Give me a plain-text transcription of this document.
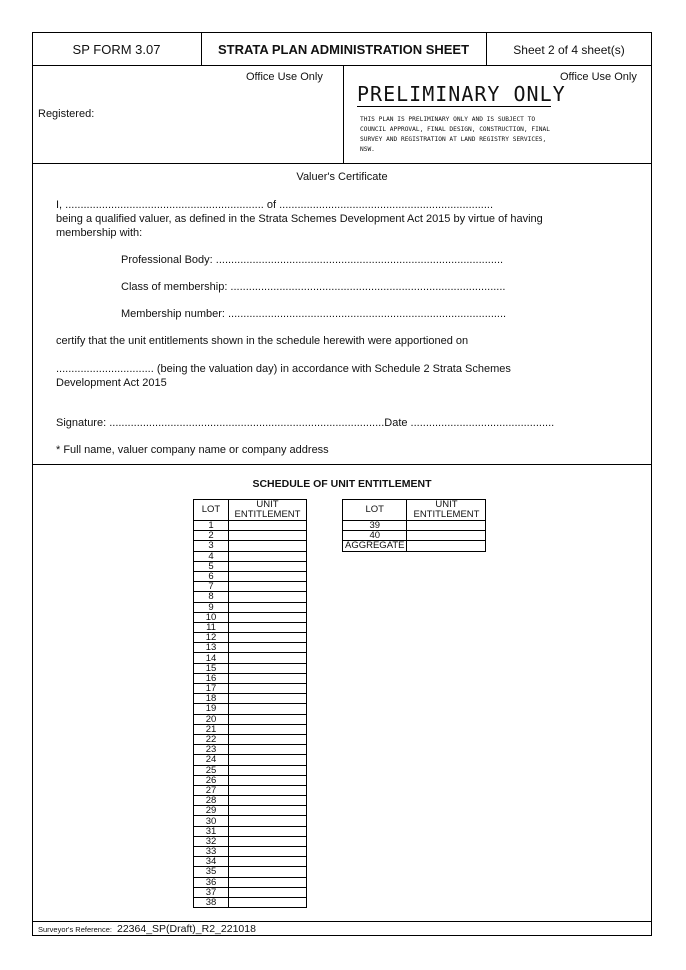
SP FORM 3.07	STRATA PLAN ADMINISTRATION SHEET	Sheet 2 of 4 sheet(s)
Office Use Only
Registered:
Office Use Only
PRELIMINARY ONLY
THIS PLAN IS PRELIMINARY ONLY AND IS SUBJECT TO COUNCIL APPROVAL, FINAL DESIGN, CONSTRUCTION, FINAL SURVEY AND REGISTRATION AT LAND REGISTRY SERVICES, NSW.
Valuer's Certificate
I, ................................................................. of ......................................................................
being a qualified valuer, as defined in the Strata Schemes Development Act 2015 by virtue of having membership with:
Professional Body: ..............................................................................................
Class of membership: ..........................................................................................
Membership number: ...........................................................................................
certify that the unit entitlements shown in the schedule herewith were apportioned on
................................ (being the valuation day) in accordance with Schedule 2 Strata Schemes Development Act 2015
Signature: ..........................................................................................Date ...............................................
* Full name, valuer company name or company address
SCHEDULE OF UNIT ENTITLEMENT
LOT	UNIT ENTITLEMENT
1	
2	
3	
4	
5	
6	
7	
8	
9	
10	
11	
12	
13	
14	
15	
16	
17	
18	
19	
20	
21	
22	
23	
24	
25	
26	
27	
28	
29	
30	
31	
32	
33	
34	
35	
36	
37	
38	
LOT	UNIT ENTITLEMENT
39	
40	
AGGREGATE	
Surveyor's Reference: 22364_SP(Draft)_R2_221018
